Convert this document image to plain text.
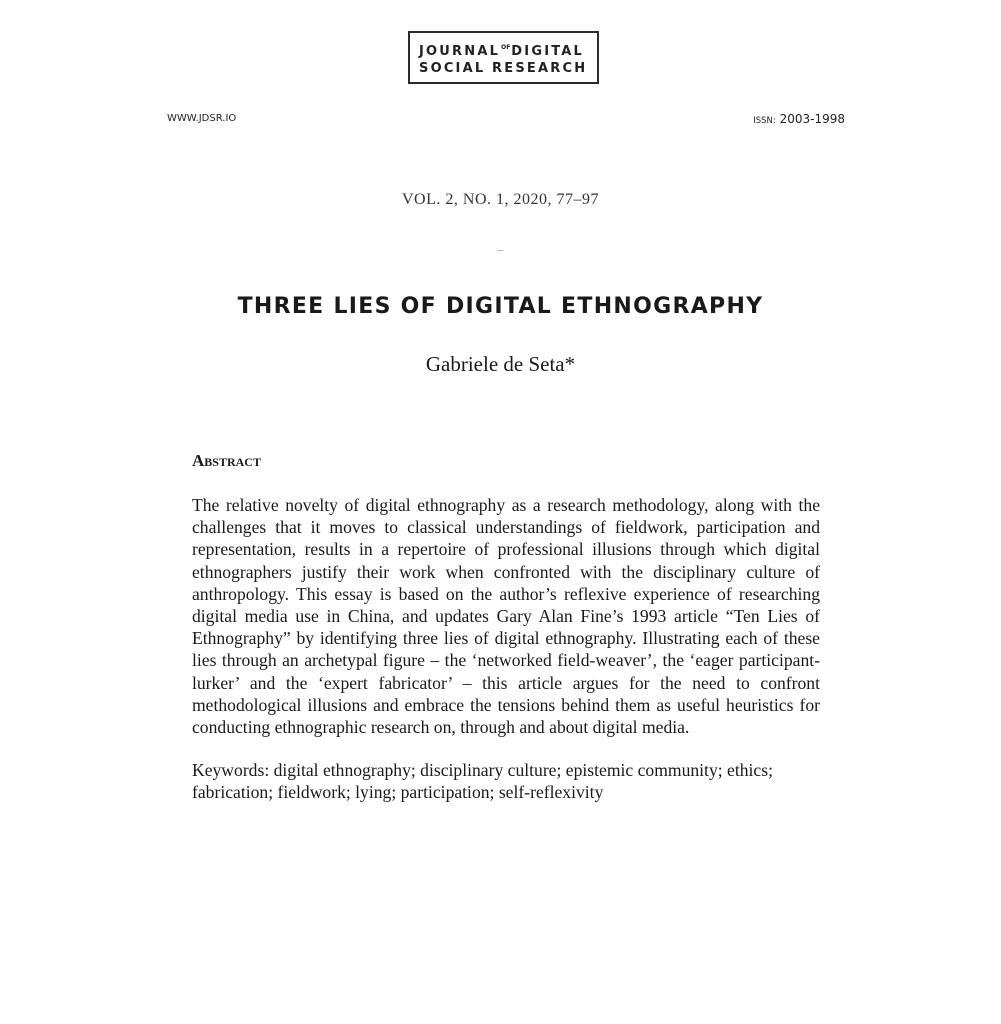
$JOURNAL^{OF}DIGITAL$
SOCIAL RESEARCH
WWW.JDSR.IO	ISSN: 2003-1998
VOL. 2, NO. 1, 2020, 77–97
–
THREE LIES OF DIGITAL ETHNOGRAPHY
Gabriele de Seta*
Abstract

The relative novelty of digital ethnography as a research methodology, along with the challenges that it moves to classical understandings of fieldwork, participation and representation, results in a repertoire of professional illusions through which digital ethnographers justify their work when confronted with the disciplinary culture of anthropology. This essay is based on the author’s reflexive experience of researching digital media use in China, and updates Gary Alan Fine’s 1993 article “Ten Lies of Ethnography” by identifying three lies of digital ethnography. Illustrating each of these lies through an archetypal figure – the ‘networked field-weaver’, the ‘eager participant-lurker’ and the ‘expert fabricator’ – this article argues for the need to confront methodological illusions and embrace the tensions behind them as useful heuristics for conducting ethnographic research on, through and about digital media.

Keywords: digital ethnography; disciplinary culture; epistemic community; ethics; fabrication; fieldwork; lying; participation; self-reflexivity
